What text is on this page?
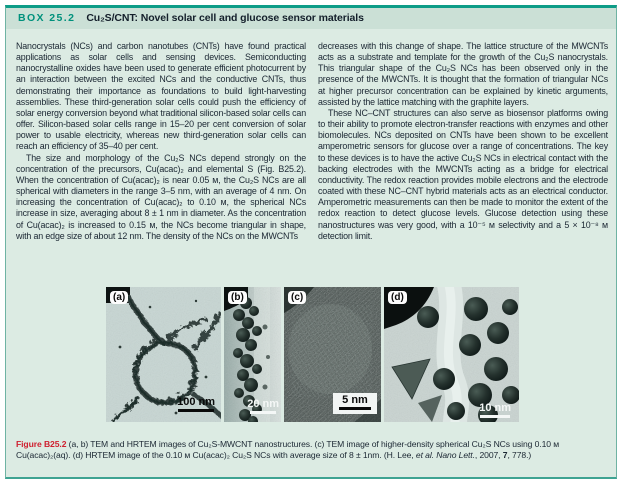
BOX 25.2 Cu₂S/CNT: Novel solar cell and glucose sensor materials

Nanocrystals (NCs) and carbon nanotubes (CNTs) have found practical applications as solar cells and sensing devices. Semiconducting nanocrystalline oxides have been used to generate efficient photocurrent by an interaction between the excited NCs and the conductive CNTs, thus demonstrating their importance as foundations to build light-harvesting assemblies. These third-generation solar cells could push the efficiency of solar energy conversion beyond what traditional silicon-based solar cells can offer. Silicon-based solar cells range in 15–20 per cent conversion of solar power to usable electricity, whereas new third-generation solar cells can reach an efficiency of 35–40 per cent.

The size and morphology of the Cu₂S NCs depend strongly on the concentration of the precursors, Cu(acac)₂ and elemental S (Fig. B25.2). When the concentration of Cu(acac)₂ is near 0.05 ᴍ, the Cu₂S NCs are all spherical with diameters in the range 3–5 nm, with an average of 4 nm. On increasing the concentration of Cu(acac)₂ to 0.10 ᴍ, the spherical NCs increase in size, averaging about 8 ± 1 nm in diameter. As the concentration of Cu(acac)₂ is increased to 0.15 ᴍ, the NCs become triangular in shape, with an edge size of about 12 nm. The density of the NCs on the MWCNTs

decreases with this change of shape. The lattice structure of the MWCNTs acts as a substrate and template for the growth of the Cu₂S nanocrystals. This triangular shape of the Cu₂S NCs has been observed only in the presence of the MWCNTs. It is thought that the formation of triangular NCs at higher precursor concentration can be explained by kinetic arguments, assisted by the lattice matching with the graphite layers.

These NC–CNT structures can also serve as biosensor platforms owing to their ability to promote electron-transfer reactions with enzymes and other biomolecules. NCs deposited on CNTs have been shown to be excellent amperometric sensors for glucose over a range of concentrations. The key to these devices is to have the active Cu₂S NCs in electrical contact with the backing electrodes with the MWCNTs acting as a bridge for electrical conductivity. The redox reaction provides mobile electrons and the electrode coated with these NC–CNT hybrid materials acts as an electrical conductor. Amperometric measurements can then be made to monitor the extent of the redox reaction to detect glucose levels. Glucose detection using these nanostructures was very good, with a 10⁻⁵ ᴍ selectivity and a 5 × 10⁻⁸ ᴍ detection limit.

(a)
100 nm
(b)
20 nm
(c)
5 nm
(d)
10 nm

Figure B25.2 (a, b) TEM and HRTEM images of Cu₂S-MWCNT nanostructures. (c) TEM image of higher-density spherical Cu₂S NCs using 0.10 ᴍ Cu(acac)₂(aq). (d) HRTEM image of the 0.10 ᴍ Cu(acac)₂ Cu₂S NCs with average size of 8 ± 1nm. (H. Lee, et al. Nano Lett., 2007, 7, 778.)
